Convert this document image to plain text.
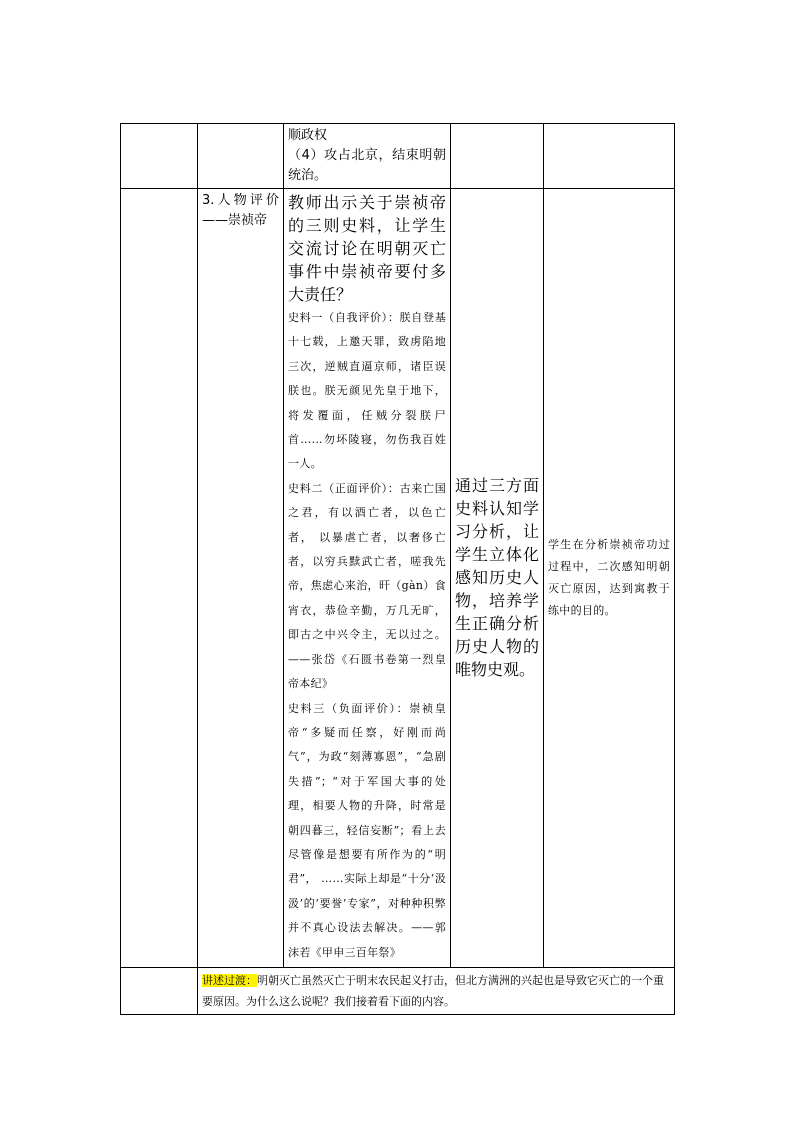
		顺政权
（4）攻占北京，结束明朝统治。		

	3.人物评价——崇祯帝	教师出示关于崇祯帝的三则史料，让学生交流讨论在明朝灭亡事件中崇祯帝要付多大责任？

史料一（自我评价）：朕自登基十七载，上邀天罪，致虏陷地三次，逆贼直逼京师，诸臣误朕也。朕无颜见先皇于地下，将发覆面，任贼分裂朕尸首……勿坏陵寝，勿伤我百姓一人。

史料二（正面评价）：古来亡国之君，有以酒亡者，以色亡者， 以暴虐亡者，以奢侈亡者，以穷兵黩武亡者，嗟我先帝，焦虑心来治，旰（gàn）食宵衣，恭俭辛勤，万几无旷，即古之中兴令主，无以过之。——张岱《石匮书卷第一烈皇帝本纪》

史料三（负面评价）：崇祯皇帝“多疑而任察，好刚而尚气”，为政“刻薄寡恩”，“急剧失措”；“对于军国大事的处理，相要人物的升降，时常是朝四暮三，轻信妄断”；看上去尽管像是想要有所作为的“明君”， ……实际上却是“十分‘汲汲’的‘要誉’专家”，对种种积弊并不真心设法去解决。——郭沫若《甲申三百年祭》	通过三方面史料认知学习分析，让学生立体化感知历史人物，培养学生正确分析历史人物的唯物史观。	学生在分析崇祯帝功过过程中，二次感知明朝灭亡原因，达到寓教于练中的目的。

	讲述过渡：明朝灭亡虽然灭亡于明末农民起义打击，但北方满洲的兴起也是导致它灭亡的一个重要原因。为什么这么说呢？我们接着看下面的内容。			
